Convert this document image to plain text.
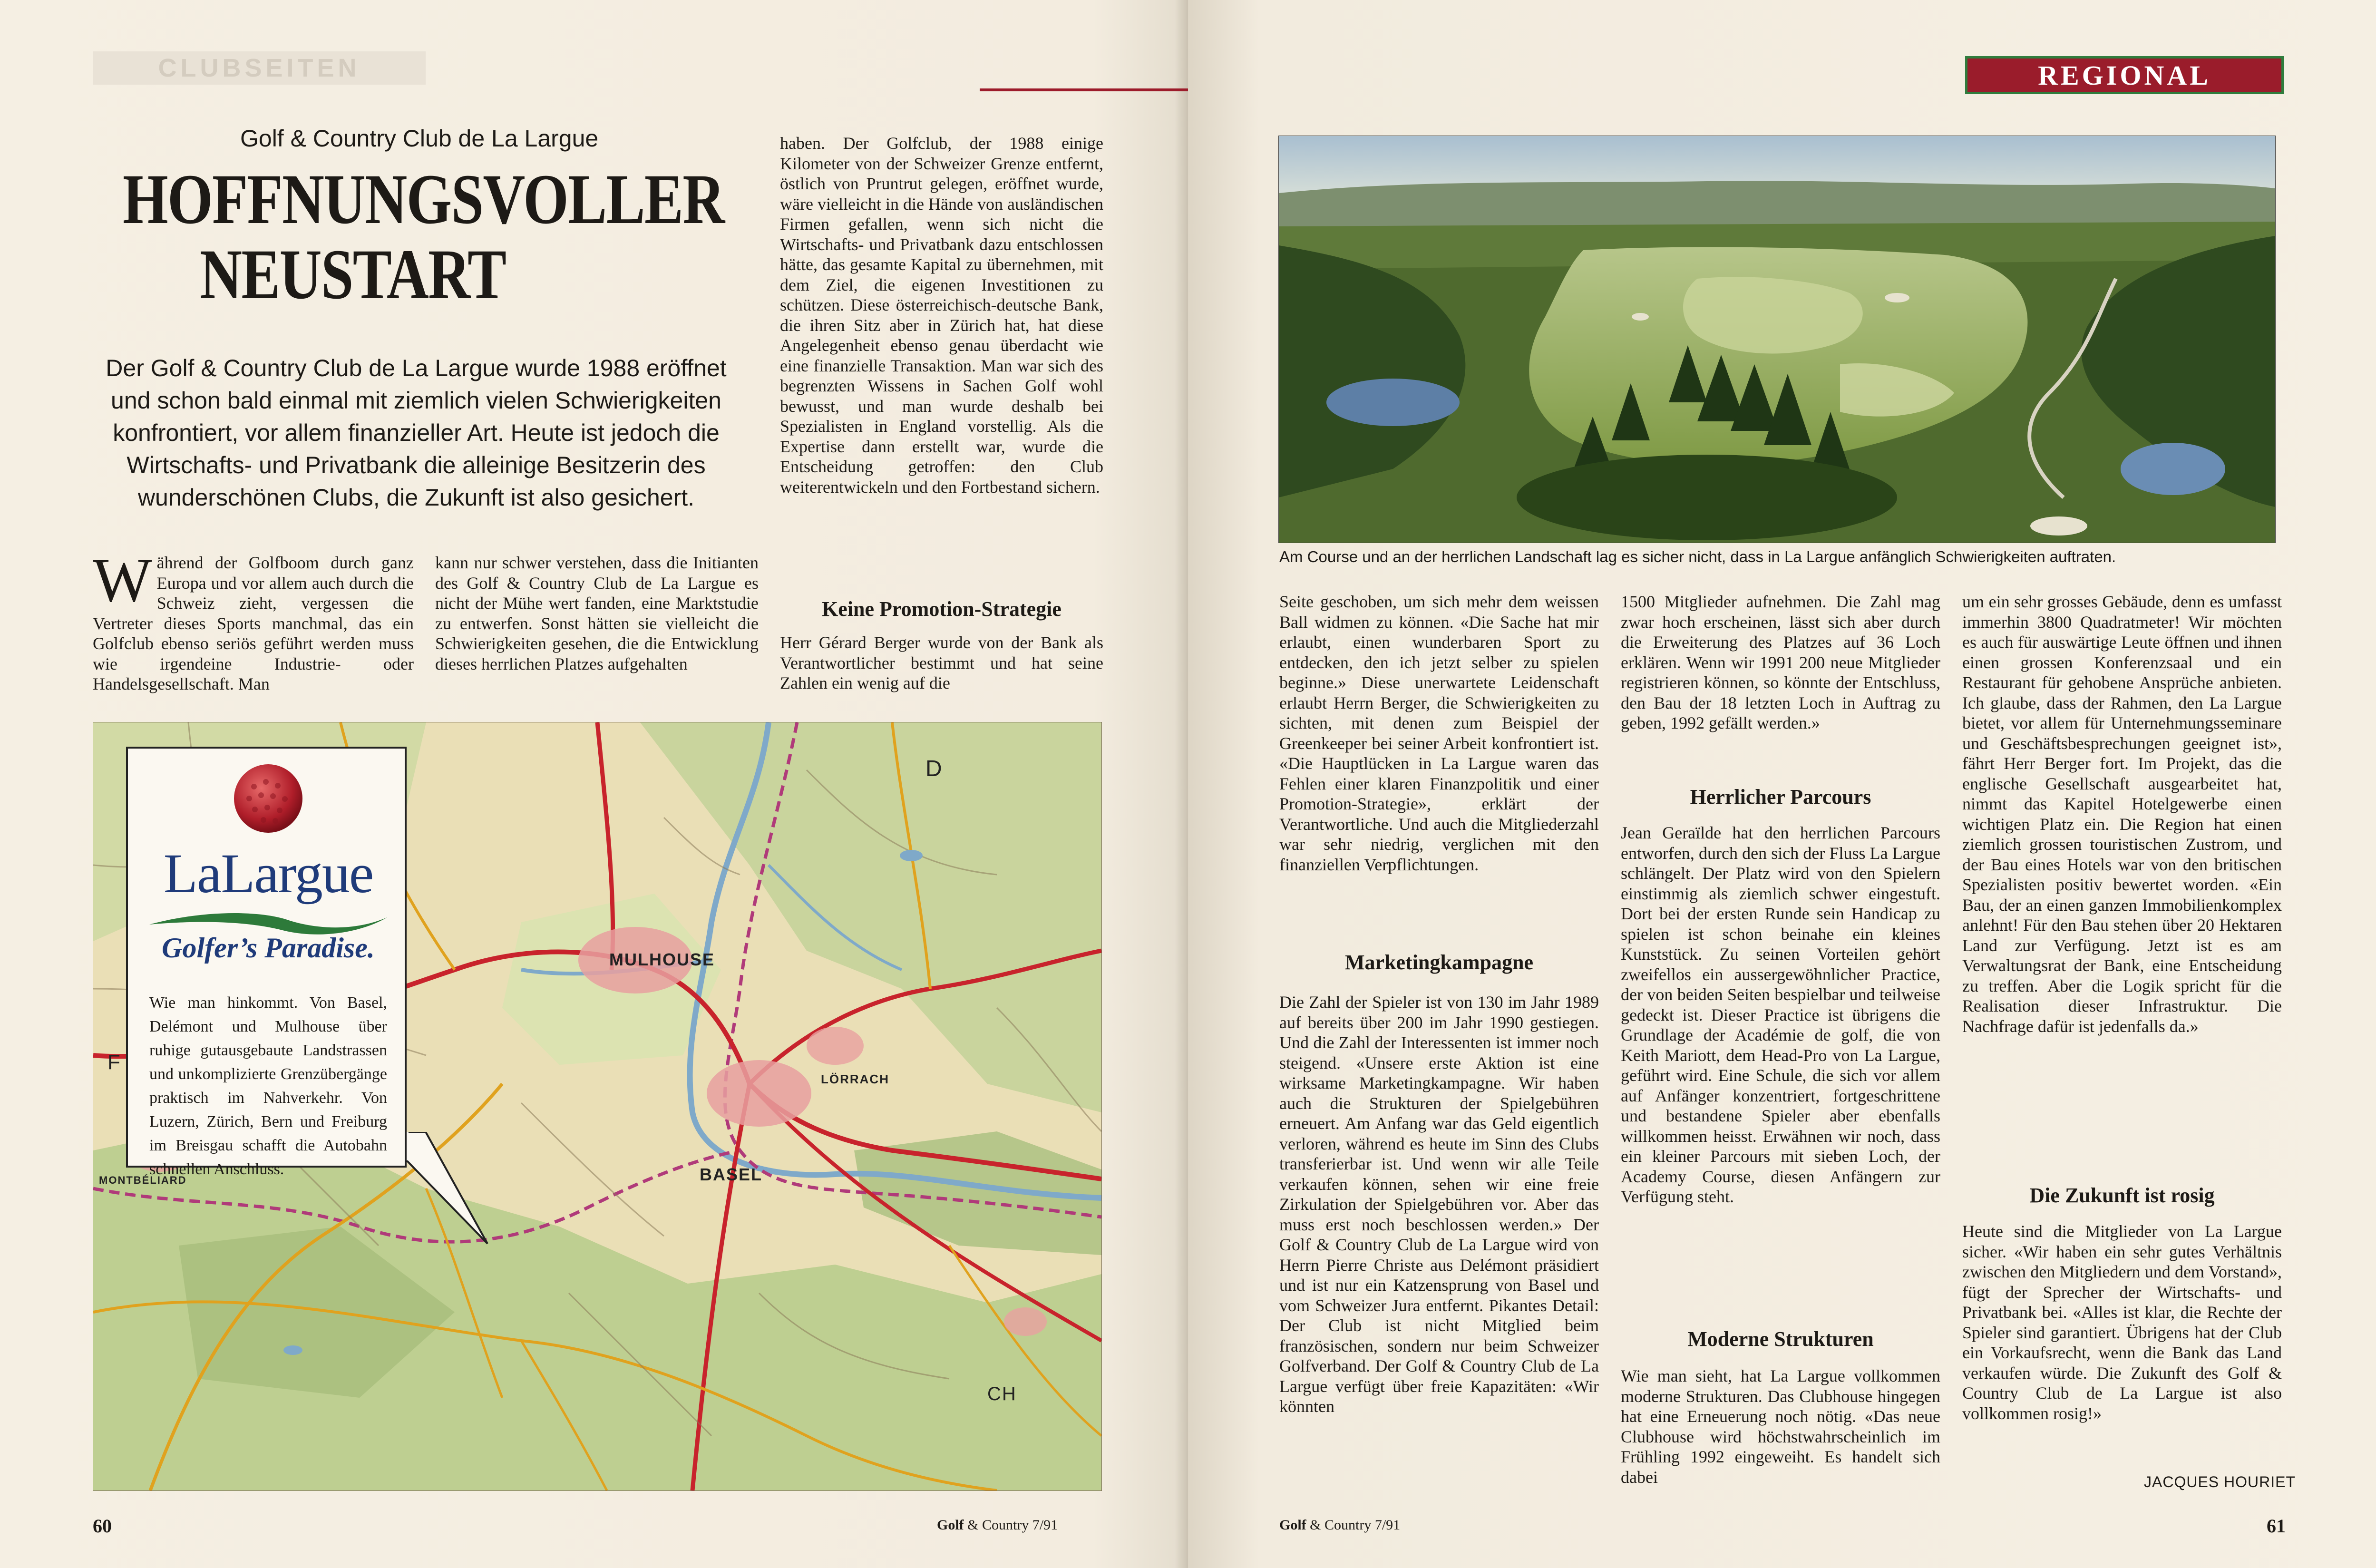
CLUBSEITEN
Golf & Country Club de La Largue
HOFFNUNGSVOLLER
NEUSTART
Der Golf & Country Club de La Largue wurde 1988 eröffnet und schon bald einmal mit ziemlich vielen Schwierigkeiten konfrontiert, vor allem finanzieller Art. Heute ist jedoch die Wirtschafts- und Privatbank die alleinige Besitzerin des wunderschönen Clubs, die Zukunft ist also gesichert.
Während der Golfboom durch ganz Europa und vor allem auch durch die Schweiz zieht, vergessen die Vertreter dieses Sports manchmal, das ein Golfclub ebenso seriös geführt werden muss wie irgendeine Industrie- oder Handelsgesellschaft. Man
kann nur schwer verstehen, dass die Initianten des Golf & Country Club de La Largue es nicht der Mühe wert fanden, eine Marktstudie zu entwerfen. Sonst hätten sie vielleicht die Schwierigkeiten gesehen, die die Entwicklung dieses herrlichen Platzes aufgehalten
haben. Der Golfclub, der 1988 einige Kilometer von der Schweizer Grenze entfernt, östlich von Pruntrut gelegen, eröffnet wurde, wäre vielleicht in die Hände von ausländischen Firmen gefallen, wenn sich nicht die Wirtschafts- und Privatbank dazu entschlossen hätte, das gesamte Kapital zu übernehmen, mit dem Ziel, die eigenen Investitionen zu schützen. Diese österreichisch-deutsche Bank, die ihren Sitz aber in Zürich hat, hat diese Angelegenheit ebenso genau überdacht wie eine finanzielle Transaktion. Man war sich des begrenzten Wissens in Sachen Golf wohl bewusst, und man wurde deshalb bei Spezialisten in England vorstellig. Als die Expertise dann erstellt war, wurde die Entscheidung getroffen: den Club weiterentwickeln und den Fortbestand sichern.
Keine Promotion-Strategie
Herr Gérard Berger wurde von der Bank als Verantwortlicher bestimmt und hat seine Zahlen ein wenig auf die
MULHOUSE
BASEL
LÖRRACH
MONTBÉLIARD
D
F
CH
LaLargue
Golfer’s Paradise.
Wie man hinkommt. Von Basel, Delémont und Mulhouse über ruhige gutausgebaute Landstrassen und unkomplizierte Grenzübergänge praktisch im Nahverkehr. Von Luzern, Zürich, Bern und Freiburg im Breisgau schafft die Autobahn schnellen Anschluss.
60	Golf & Country 7/91
REGIONAL
Am Course und an der herrlichen Landschaft lag es sicher nicht, dass in La Largue anfänglich Schwierigkeiten auftraten.
Seite geschoben, um sich mehr dem weissen Ball widmen zu können. «Die Sache hat mir erlaubt, einen wunderbaren Sport zu entdecken, den ich jetzt selber zu spielen beginne.» Diese unerwartete Leidenschaft erlaubt Herrn Berger, die Schwierigkeiten zu sichten, mit denen zum Beispiel der Greenkeeper bei seiner Arbeit konfrontiert ist. «Die Hauptlücken in La Largue waren das Fehlen einer klaren Finanzpolitik und einer Promotion-Strategie», erklärt der Verantwortliche. Und auch die Mitgliederzahl war sehr niedrig, verglichen mit den finanziellen Verpflichtungen.
Marketingkampagne
Die Zahl der Spieler ist von 130 im Jahr 1989 auf bereits über 200 im Jahr 1990 gestiegen. Und die Zahl der Interessenten ist immer noch steigend. «Unsere erste Aktion ist eine wirksame Marketingkampagne. Wir haben auch die Strukturen der Spielgebühren erneuert. Am Anfang war das Geld eigentlich verloren, während es heute im Sinn des Clubs transferierbar ist. Und wenn wir alle Teile verkaufen können, sehen wir eine freie Zirkulation der Spielgebühren vor. Aber das muss erst noch beschlossen werden.» Der Golf & Country Club de La Largue wird von Herrn Pierre Christe aus Delémont präsidiert und ist nur ein Katzensprung von Basel und vom Schweizer Jura entfernt. Pikantes Detail: Der Club ist nicht Mitglied beim französischen, sondern nur beim Schweizer Golfverband. Der Golf & Country Club de La Largue verfügt über freie Kapazitäten: «Wir könnten
1500 Mitglieder aufnehmen. Die Zahl mag zwar hoch erscheinen, lässt sich aber durch die Erweiterung des Platzes auf 36 Loch erklären. Wenn wir 1991 200 neue Mitglieder registrieren können, so könnte der Entschluss, den Bau der 18 letzten Loch in Auftrag zu geben, 1992 gefällt werden.»
Herrlicher Parcours
Jean Geraïlde hat den herrlichen Parcours entworfen, durch den sich der Fluss La Largue schlängelt. Der Platz wird von den Spielern einstimmig als ziemlich schwer eingestuft. Dort bei der ersten Runde sein Handicap zu spielen ist schon beinahe ein kleines Kunststück. Zu seinen Vorteilen gehört zweifellos ein aussergewöhnlicher Practice, der von beiden Seiten bespielbar und teilweise gedeckt ist. Dieser Practice ist übrigens die Grundlage der Académie de golf, die von Keith Mariott, dem Head-Pro von La Largue, geführt wird. Eine Schule, die sich vor allem auf Anfänger konzentriert, fortgeschrittene und bestandene Spieler aber ebenfalls willkommen heisst. Erwähnen wir noch, dass ein kleiner Parcours mit sieben Loch, der Academy Course, diesen Anfängern zur Verfügung steht.
Moderne Strukturen
Wie man sieht, hat La Largue vollkommen moderne Strukturen. Das Clubhouse hingegen hat eine Erneuerung noch nötig. «Das neue Clubhouse wird höchstwahrscheinlich im Frühling 1992 eingeweiht. Es handelt sich dabei
um ein sehr grosses Gebäude, denn es umfasst immerhin 3800 Quadratmeter! Wir möchten es auch für auswärtige Leute öffnen und ihnen einen grossen Konferenzsaal und ein Restaurant für gehobene Ansprüche anbieten. Ich glaube, dass der Rahmen, den La Largue bietet, vor allem für Unternehmungsseminare und Geschäftsbesprechungen geeignet ist», fährt Herr Berger fort. Im Projekt, das die englische Gesellschaft ausgearbeitet hat, nimmt das Kapitel Hotelgewerbe einen wichtigen Platz ein. Die Region hat einen ziemlich grossen touristischen Zustrom, und der Bau eines Hotels war von den britischen Spezialisten positiv bewertet worden. «Ein Bau, der an einen ganzen Immobilienkomplex anlehnt! Für den Bau stehen über 20 Hektaren Land zur Verfügung. Jetzt ist es am Verwaltungsrat der Bank, eine Entscheidung zu treffen. Aber die Logik spricht für die Realisation dieser Infrastruktur. Die Nachfrage dafür ist jedenfalls da.»
Die Zukunft ist rosig
Heute sind die Mitglieder von La Largue sicher. «Wir haben ein sehr gutes Verhältnis zwischen den Mitgliedern und dem Vorstand», fügt der Sprecher der Wirtschafts- und Privatbank bei. «Alles ist klar, die Rechte der Spieler sind garantiert. Übrigens hat der Club ein Vorkaufsrecht, wenn die Bank das Land verkaufen würde. Die Zukunft des Golf & Country Club de La Largue ist also vollkommen rosig!»
JACQUES HOURIET
Golf & Country 7/91	61
